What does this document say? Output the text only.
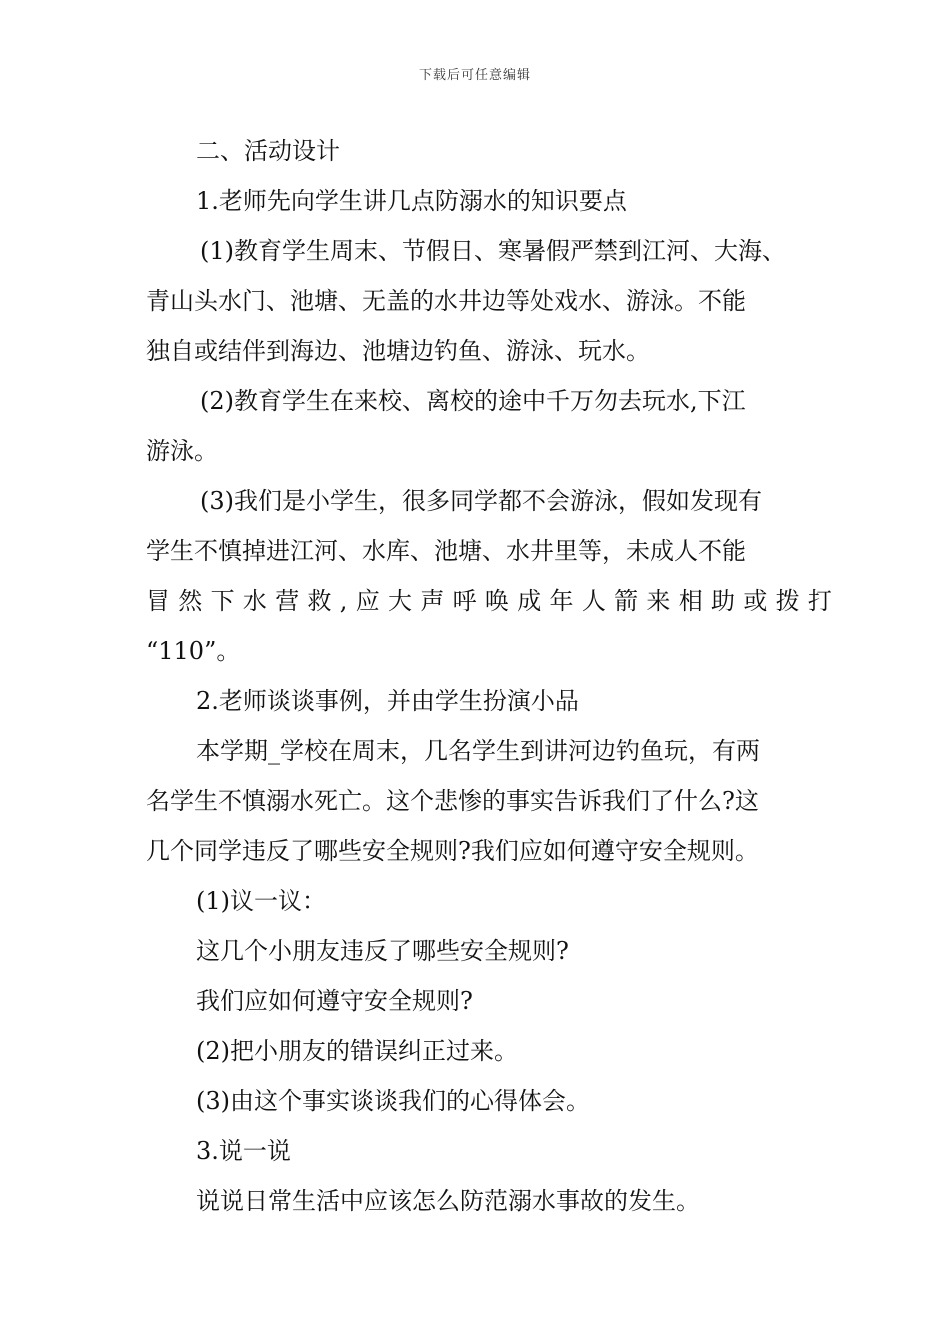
下载后可任意编辑
二、活动设计
1.老师先向学生讲几点防溺水的知识要点
(1)教育学生周末、节假日、寒暑假严禁到江河、大海、
青山头水门、池塘、无盖的水井边等处戏水、游泳。不能
独自或结伴到海边、池塘边钓鱼、游泳、玩水。
(2)教育学生在来校、离校的途中千万勿去玩水,下江
游泳。
(3)我们是小学生，很多同学都不会游泳，假如发现有
学生不慎掉进江河、水库、池塘、水井里等，未成人不能
冒然下水营救,应大声呼唤成年人箭来相助或拨打
“110”。
2.老师谈谈事例，并由学生扮演小品
本学期_学校在周末，几名学生到讲河边钓鱼玩，有两
名学生不慎溺水死亡。这个悲惨的事实告诉我们了什么?这
几个同学违反了哪些安全规则?我们应如何遵守安全规则。
(1)议一议：
这几个小朋友违反了哪些安全规则?
我们应如何遵守安全规则?
(2)把小朋友的错误纠正过来。
(3)由这个事实谈谈我们的心得体会。
3.说一说
说说日常生活中应该怎么防范溺水事故的发生。
